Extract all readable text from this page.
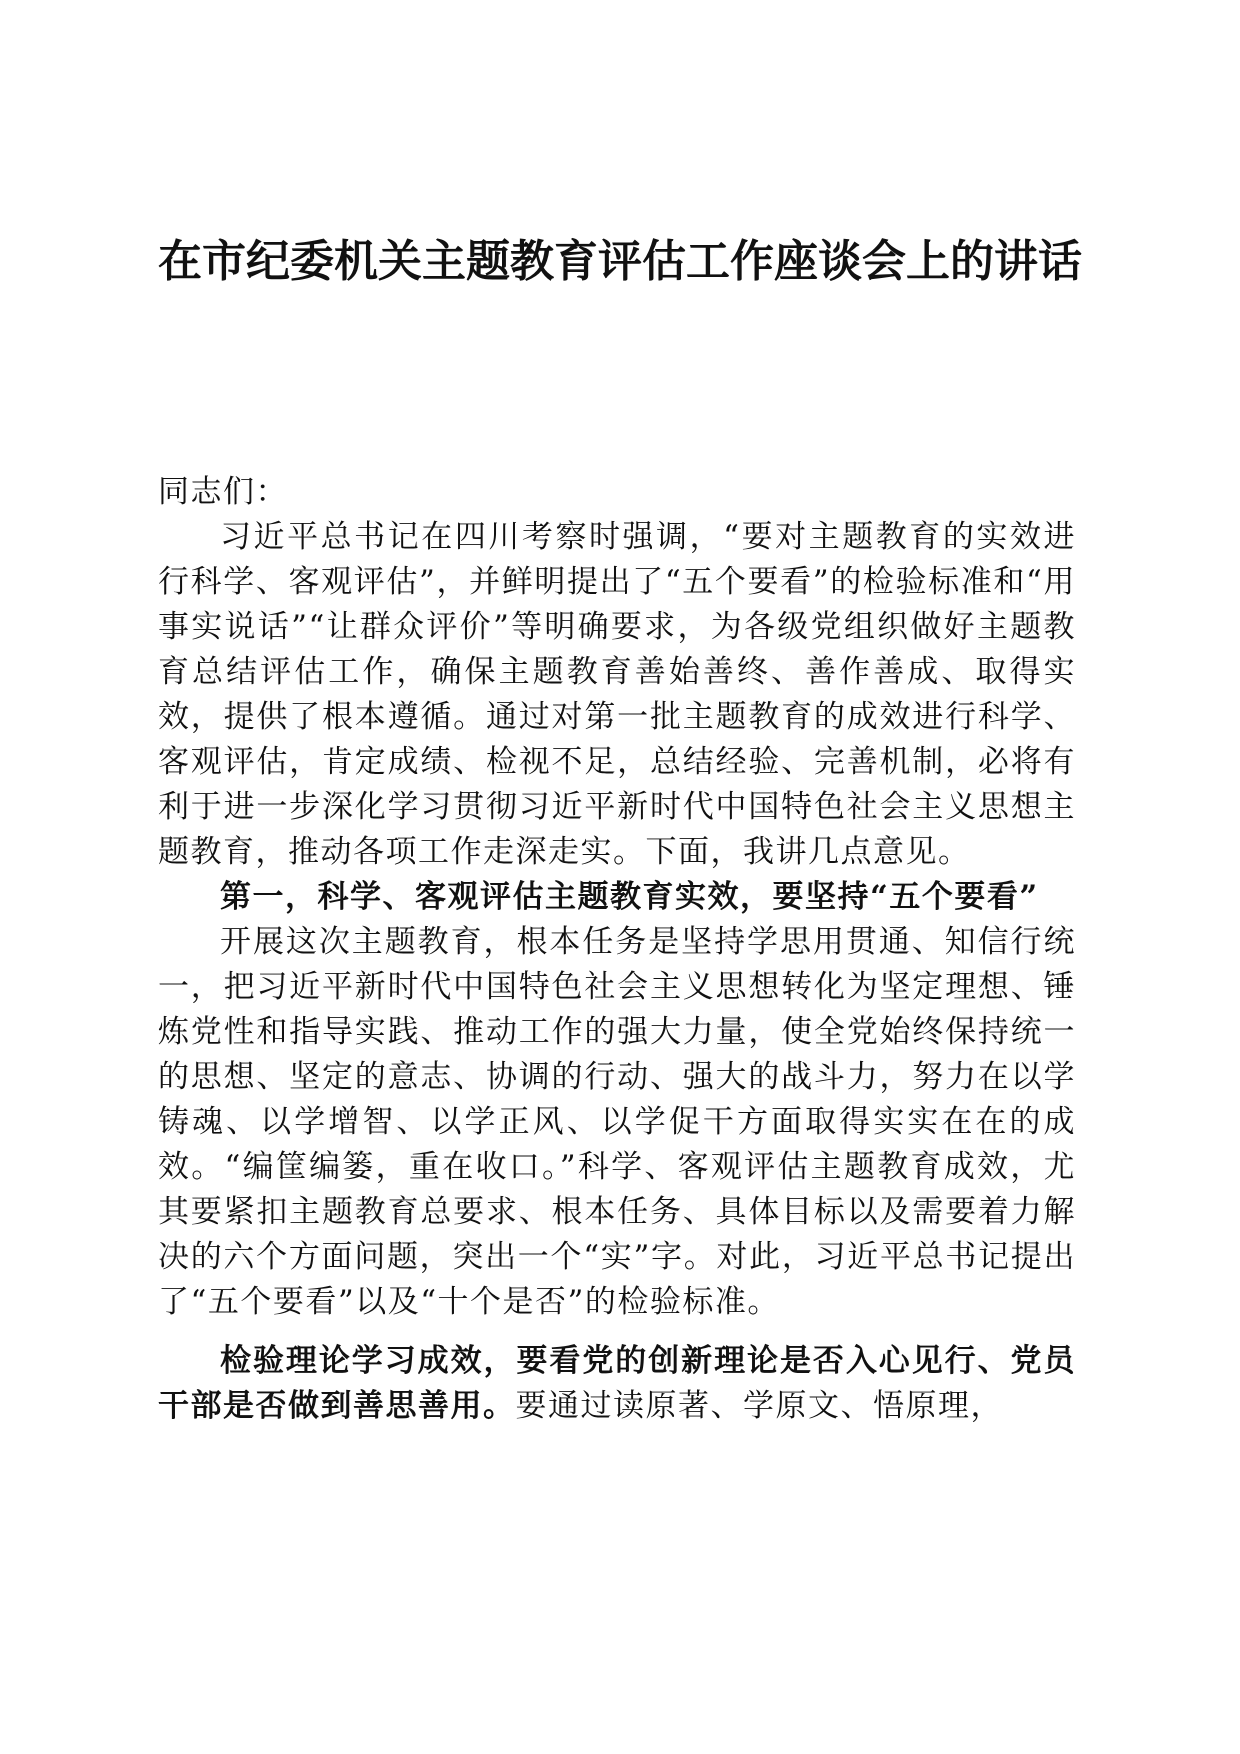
在市纪委机关主题教育评估工作座谈会上的讲话

同志们：

习近平总书记在四川考察时强调，“要对主题教育的实效进行科学、客观评估”，并鲜明提出了“五个要看”的检验标准和“用事实说话”“让群众评价”等明确要求，为各级党组织做好主题教育总结评估工作，确保主题教育善始善终、善作善成、取得实效，提供了根本遵循。通过对第一批主题教育的成效进行科学、客观评估，肯定成绩、检视不足，总结经验、完善机制，必将有利于进一步深化学习贯彻习近平新时代中国特色社会主义思想主题教育，推动各项工作走深走实。下面，我讲几点意见。

第一，科学、客观评估主题教育实效，要坚持“五个要看”

开展这次主题教育，根本任务是坚持学思用贯通、知信行统一，把习近平新时代中国特色社会主义思想转化为坚定理想、锤炼党性和指导实践、推动工作的强大力量，使全党始终保持统一的思想、坚定的意志、协调的行动、强大的战斗力，努力在以学铸魂、以学增智、以学正风、以学促干方面取得实实在在的成效。“编筐编篓，重在收口。”科学、客观评估主题教育成效，尤其要紧扣主题教育总要求、根本任务、具体目标以及需要着力解决的六个方面问题，突出一个“实”字。对此，习近平总书记提出了“五个要看”以及“十个是否”的检验标准。

检验理论学习成效，要看党的创新理论是否入心见行、党员干部是否做到善思善用。要通过读原著、学原文、悟原理，
